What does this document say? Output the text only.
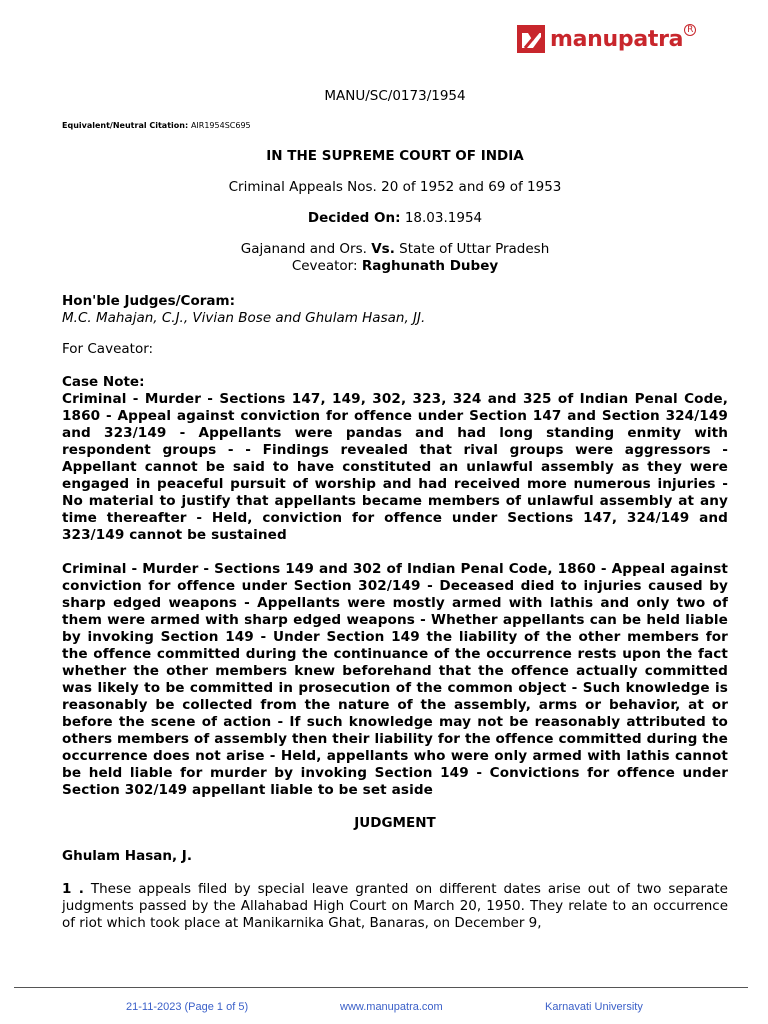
manupatra R
MANU/SC/0173/1954
Equivalent/Neutral Citation: AIR1954SC695
IN THE SUPREME COURT OF INDIA
Criminal Appeals Nos. 20 of 1952 and 69 of 1953
Decided On: 18.03.1954
Gajanand and Ors. Vs. State of Uttar Pradesh
Ceveator: Raghunath Dubey
Hon'ble Judges/Coram:
M.C. Mahajan, C.J., Vivian Bose and Ghulam Hasan, JJ.
For Caveator:
Case Note:
Criminal - Murder - Sections 147, 149, 302, 323, 324 and 325 of Indian Penal Code, 1860 - Appeal against conviction for offence under Section 147 and Section 324/149 and 323/149 - Appellants were pandas and had long standing enmity with respondent groups - - Findings revealed that rival groups were aggressors - Appellant cannot be said to have constituted an unlawful assembly as they were engaged in peaceful pursuit of worship and had received more numerous injuries - No material to justify that appellants became members of unlawful assembly at any time thereafter - Held, conviction for offence under Sections 147, 324/149 and 323/149 cannot be sustained
Criminal - Murder - Sections 149 and 302 of Indian Penal Code, 1860 - Appeal against conviction for offence under Section 302/149 - Deceased died to injuries caused by sharp edged weapons - Appellants were mostly armed with lathis and only two of them were armed with sharp edged weapons - Whether appellants can be held liable by invoking Section 149 - Under Section 149 the liability of the other members for the offence committed during the continuance of the occurrence rests upon the fact whether the other members knew beforehand that the offence actually committed was likely to be committed in prosecution of the common object - Such knowledge is reasonably be collected from the nature of the assembly, arms or behavior, at or before the scene of action - If such knowledge may not be reasonably attributed to others members of assembly then their liability for the offence committed during the occurrence does not arise - Held, appellants who were only armed with lathis cannot be held liable for murder by invoking Section 149 - Convictions for offence under Section 302/149 appellant liable to be set aside
JUDGMENT
Ghulam Hasan, J.
1 . These appeals filed by special leave granted on different dates arise out of two separate judgments passed by the Allahabad High Court on March 20, 1950. They relate to an occurrence of riot which took place at Manikarnika Ghat, Banaras, on December 9,
21-11-2023 (Page 1 of 5)	www.manupatra.com	Karnavati University
